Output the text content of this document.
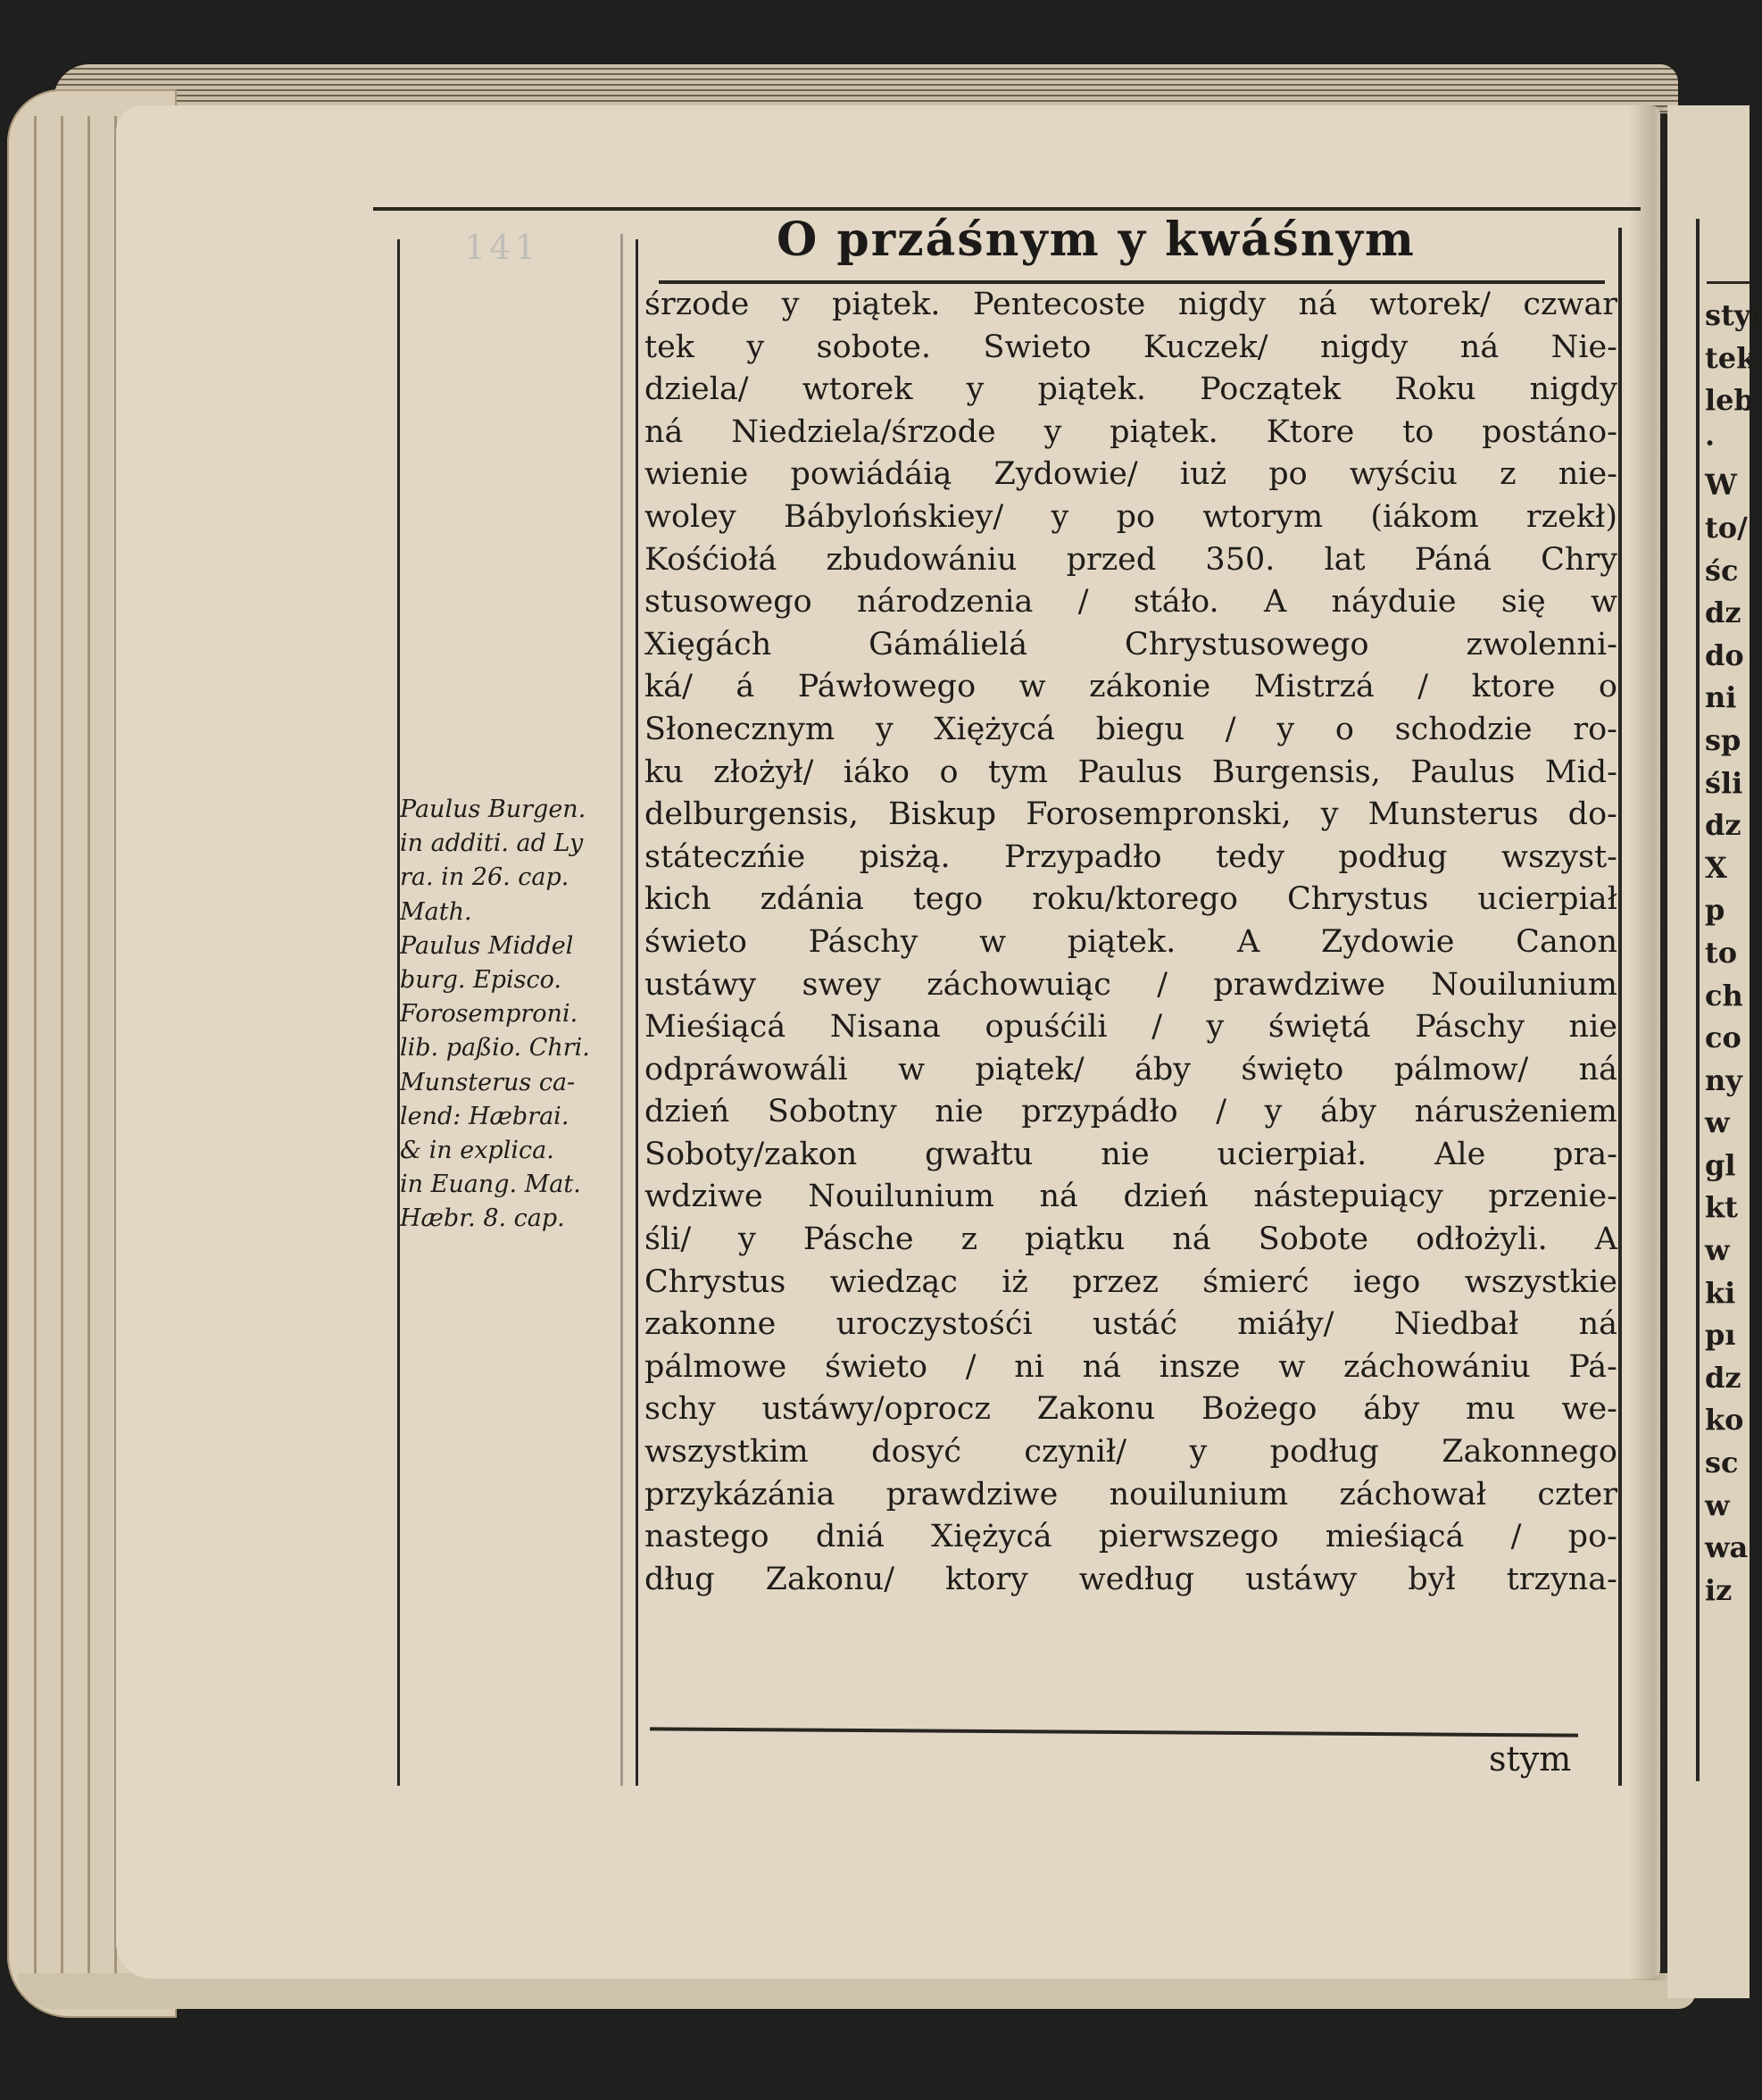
141	O przáśnym y kwáśnym
śrzode y piątek. Pentecoste nigdy ná wtorek/ czwar
tek y sobote. Swieto Kuczek/ nigdy ná Nie-
dziela/ wtorek y piątek. Początek Roku nigdy
ná Niedziela/śrzode y piątek. Ktore to postáno-
wienie powiádáią Zydowie/ iuż po wyściu z nie-
woley Bábylońskiey/ y po wtorym (iákom rzekł)
Kośćiołá zbudowániu przed 350. lat Páná Chry
stusowego národzenia / stáło. A náyduie się w
Xięgách Gámálielá Chrystusowego zwolenni-
ká/ á Páwłowego w zákonie Mistrzá / ktore o
Słonecznym y Xiężycá biegu / y o schodzie ro-
ku złożył/ iáko o tym Paulus Burgensis, Paulus Mid-
delburgensis, Biskup Forosempronski, y Munsterus do-
státeczńie pisżą. Przypadło tedy podług wszyst-
kich zdánia tego roku/ktorego Chrystus ucierpiał
świeto Páschy w piątek. A Zydowie Canon
ustáwy swey záchowuiąc / prawdziwe Nouilunium
Mieśiącá Nisana opuśćili / y świętá Páschy nie
odpráwowáli w piątek/ áby święto pálmow/ ná
dzień Sobotny nie przypádło / y áby nárusżeniem
Soboty/zakon gwałtu nie ucierpiał. Ale pra-
wdziwe Nouilunium ná dzień nástepuiący przenie-
śli/ y Pásche z piątku ná Sobote odłożyli. A
Chrystus wiedząc iż przez śmierć iego wszystkie
zakonne uroczystośći ustáć miáły/ Niedbał ná
pálmowe świeto / ni ná insze w záchowániu Pá-
schy ustáwy/oprocz Zakonu Bożego áby mu we-
wszystkim dosyć czynił/ y podług Zakonnego
przykázánia prawdziwe nouilunium záchował czter
nastego dniá Xiężycá pierwszego mieśiącá / po-
dług Zakonu/ ktory według ustáwy był trzyna-
stym
Paulus Burgen.
in additi. ad Ly
ra. in 26. cap.
Math.
Paulus Middel
burg. Episco.
Forosemproni.
lib. paßio. Chri.
Munsterus ca-
lend: Hæbrai.
& in explica.
in Euang. Mat.
Hæbr. 8. cap.
styı
tek
leb
·
W
to/
śc
dz
do
ni
sp
śli
dz
X
p
to
ch
co
ny
w
gl
kt
w
ki
pı
dz
ko
sc
w
wa
iz
